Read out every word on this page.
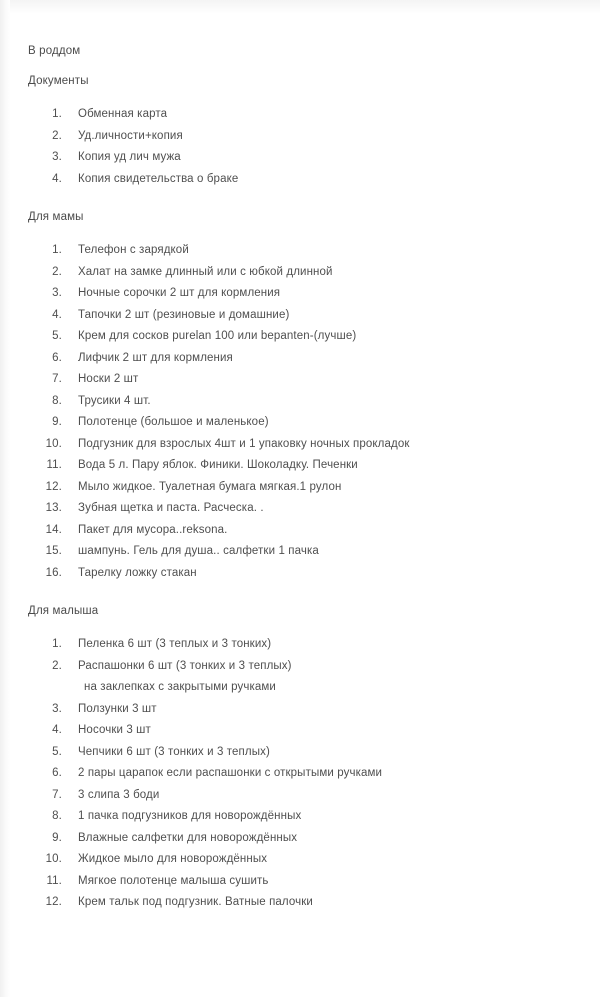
В роддом
Документы
1. Обменная карта
2. Уд.личности+копия
3. Копия уд лич мужа
4. Копия свидетельства о браке
Для мамы
1. Телефон с зарядкой
2. Халат на замке длинный или с юбкой длинной
3. Ночные сорочки 2 шт для кормления
4. Тапочки 2 шт (резиновые и домашние)
5. Крем для сосков purelan 100 или bepanten-(лучше)
6. Лифчик 2 шт для кормления
7. Носки 2 шт
8. Трусики 4 шт.
9. Полотенце (большое и маленькое)
10. Подгузник для взрослых 4шт и 1 упаковку ночных прокладок
11. Вода 5 л. Пару яблок. Финики. Шоколадку. Печенки
12. Мыло жидкое. Туалетная бумага мягкая.1 рулон
13. Зубная щетка и паста. Расческа. .
14. Пакет для мусора..reksona.
15. шампунь. Гель для душа.. салфетки 1 пачка
16. Тарелку ложку стакан
Для малыша
1. Пеленка 6 шт (3 теплых и 3 тонких)
2. Распашонки 6 шт (3 тонких и 3 теплых)
на заклепках с закрытыми ручками
3. Ползунки 3 шт
4. Носочки 3 шт
5. Чепчики 6 шт (3 тонких и 3 теплых)
6. 2 пары царапок если распашонки с открытыми ручками
7. 3 слипа 3 боди
8. 1 пачка подгузников для новорождённых
9. Влажные салфетки для новорождённых
10. Жидкое мыло для новорождённых
11. Мягкое полотенце малыша сушить
12. Крем тальк под подгузник. Ватные палочки
